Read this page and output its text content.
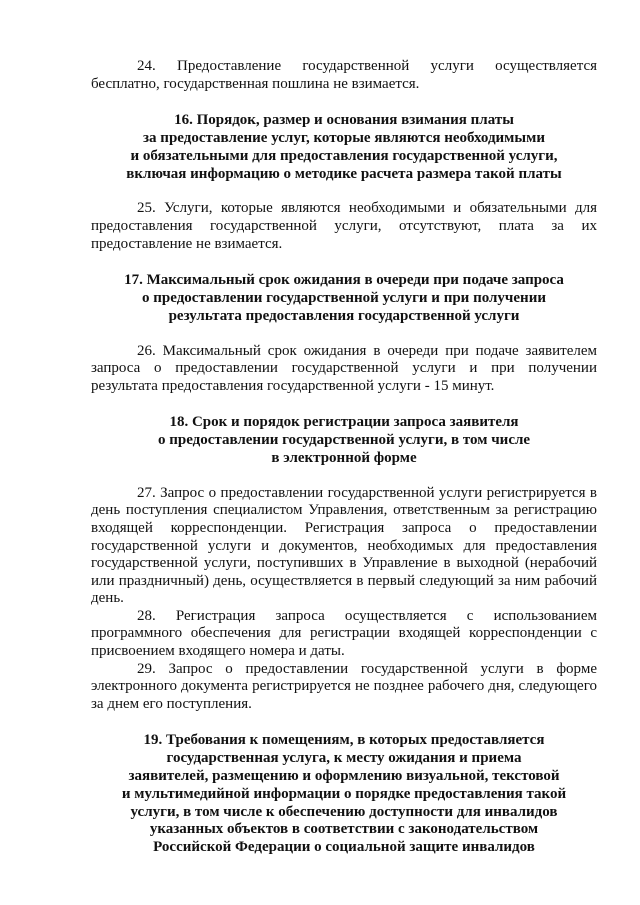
24. Предоставление государственной услуги осуществляется бесплатно, государственная пошлина не взимается.

16. Порядок, размер и основания взимания платы
за предоставление услуг, которые являются необходимыми
и обязательными для предоставления государственной услуги,
включая информацию о методике расчета размера такой платы

25. Услуги, которые являются необходимыми и обязательными для предоставления государственной услуги, отсутствуют, плата за их предоставление не взимается.

17. Максимальный срок ожидания в очереди при подаче запроса
о предоставлении государственной услуги и при получении
результата предоставления государственной услуги

26. Максимальный срок ожидания в очереди при подаче заявителем запроса о предоставлении государственной услуги и при получении результата предоставления государственной услуги - 15 минут.

18. Срок и порядок регистрации запроса заявителя
о предоставлении государственной услуги, в том числе
в электронной форме

27. Запрос о предоставлении государственной услуги регистрируется в день поступления специалистом Управления, ответственным за регистрацию входящей корреспонденции. Регистрация запроса о предоставлении государственной услуги и документов, необходимых для предоставления государственной услуги, поступивших в Управление в выходной (нерабочий или праздничный) день, осуществляется в первый следующий за ним рабочий день.

28. Регистрация запроса осуществляется с использованием программного обеспечения для регистрации входящей корреспонденции с присвоением входящего номера и даты.

29. Запрос о предоставлении государственной услуги в форме электронного документа регистрируется не позднее рабочего дня, следующего за днем его поступления.

19. Требования к помещениям, в которых предоставляется
государственная услуга, к месту ожидания и приема
заявителей, размещению и оформлению визуальной, текстовой
и мультимедийной информации о порядке предоставления такой
услуги, в том числе к обеспечению доступности для инвалидов
указанных объектов в соответствии с законодательством
Российской Федерации о социальной защите инвалидов
